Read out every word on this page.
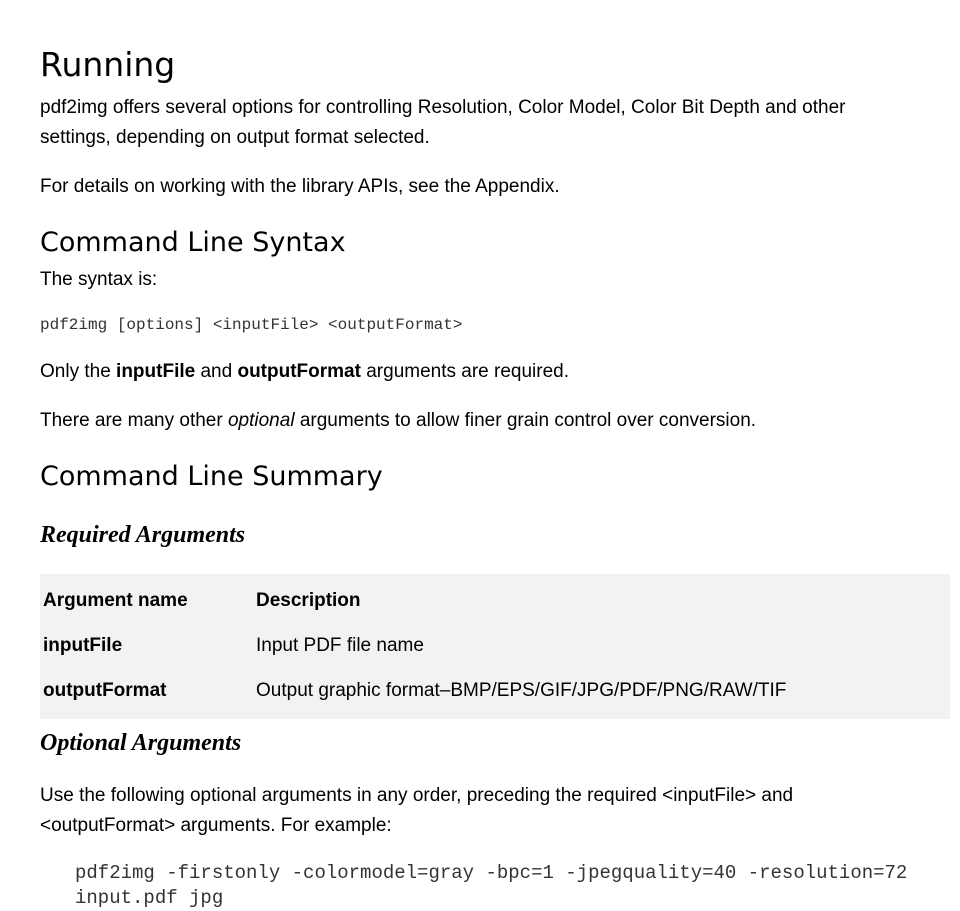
Running

pdf2img offers several options for controlling Resolution, Color Model, Color Bit Depth and other settings, depending on output format selected.

For details on working with the library APIs, see the Appendix.

Command Line Syntax

The syntax is:

pdf2img [options] <inputFile> <outputFormat>

Only the inputFile and outputFormat arguments are required.

There are many other optional arguments to allow finer grain control over conversion.

Command Line Summary
Required Arguments
Argument name	Description
inputFile	Input PDF file name
outputFormat	Output graphic format–BMP/EPS/GIF/JPG/PDF/PNG/RAW/TIF
Optional Arguments

Use the following optional arguments in any order, preceding the required <inputFile> and <outputFormat> arguments. For example:

pdf2img -firstonly -colormodel=gray -bpc=1 -jpegquality=40 -resolution=72
input.pdf jpg
